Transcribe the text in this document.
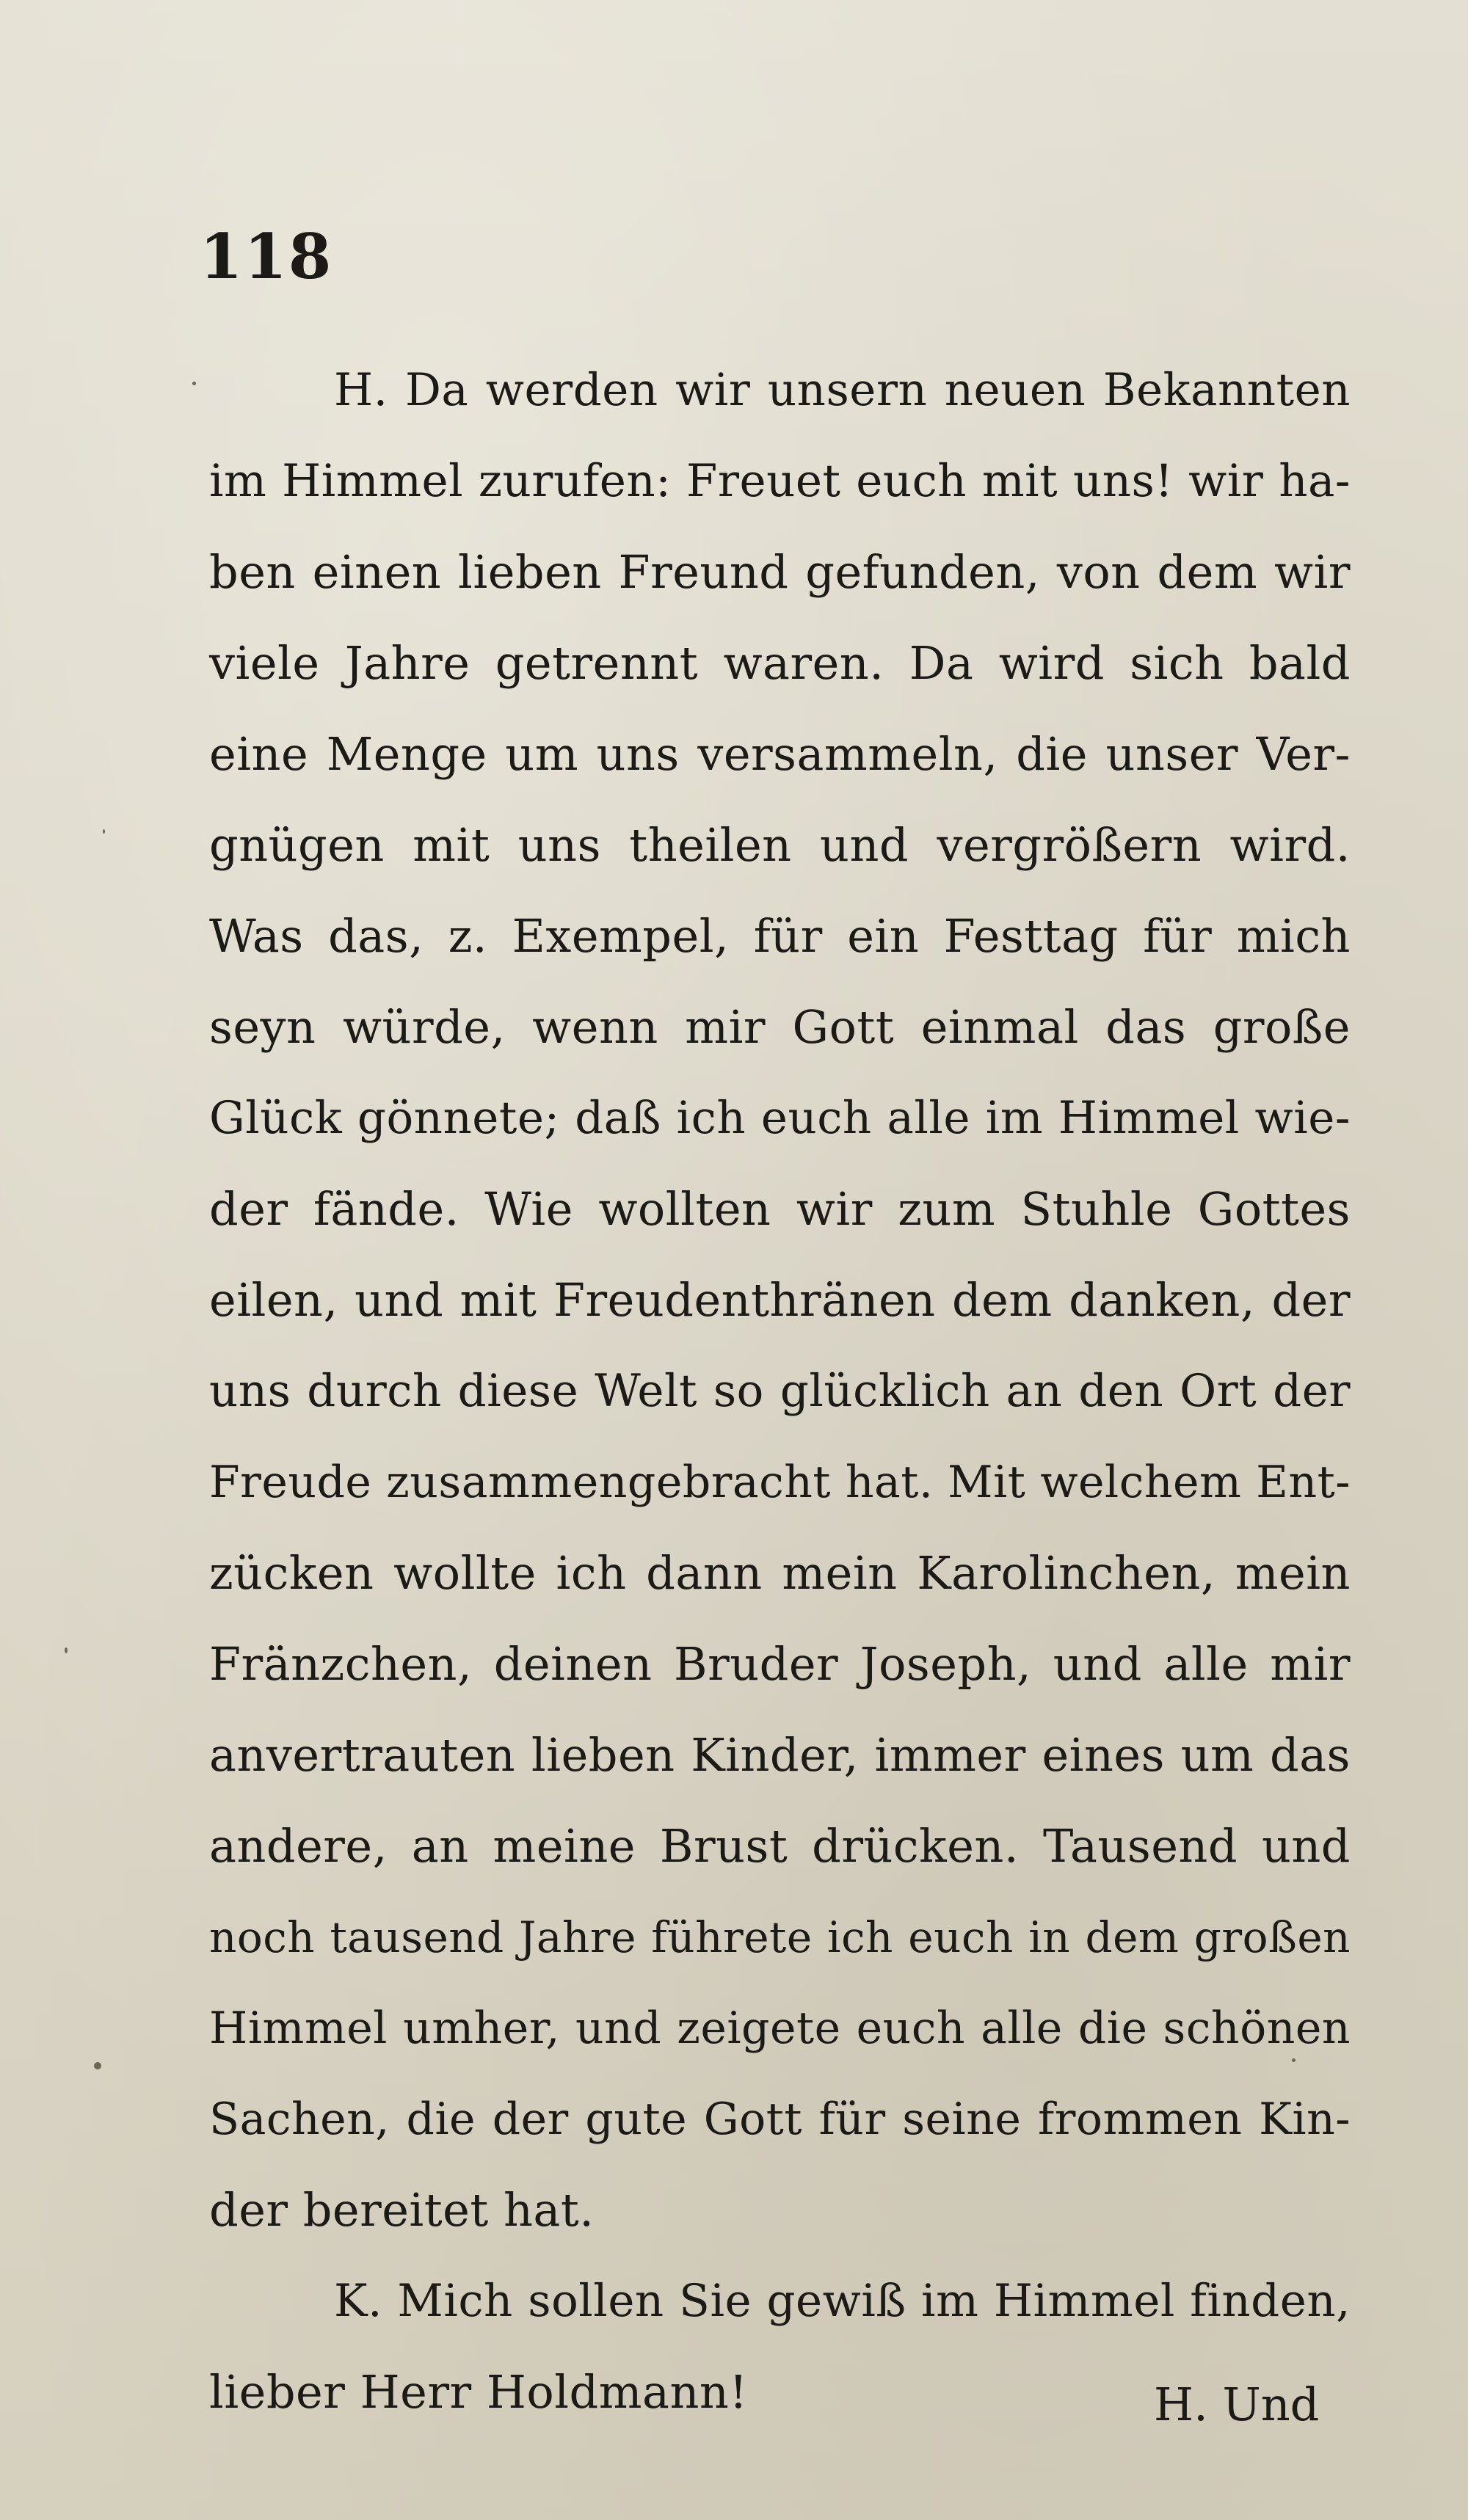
118
H. Da werden wir unsern neuen Bekannten
im Himmel zurufen: Freuet euch mit uns! wir ha-
ben einen lieben Freund gefunden, von dem wir
viele Jahre getrennt waren. Da wird sich bald
eine Menge um uns versammeln, die unser Ver-
gnügen mit uns theilen und vergrößern wird.
Was das, z. Exempel, für ein Festtag für mich
seyn würde, wenn mir Gott einmal das große
Glück gönnete; daß ich euch alle im Himmel wie-
der fände. Wie wollten wir zum Stuhle Gottes
eilen, und mit Freudenthränen dem danken, der
uns durch diese Welt so glücklich an den Ort der
Freude zusammengebracht hat. Mit welchem Ent-
zücken wollte ich dann mein Karolinchen, mein
Fränzchen, deinen Bruder Joseph, und alle mir
anvertrauten lieben Kinder, immer eines um das
andere, an meine Brust drücken. Tausend und
noch tausend Jahre führete ich euch in dem großen
Himmel umher, und zeigete euch alle die schönen
Sachen, die der gute Gott für seine frommen Kin-
der bereitet hat.
K. Mich sollen Sie gewiß im Himmel finden,
lieber Herr Holdmann!	H. Und
